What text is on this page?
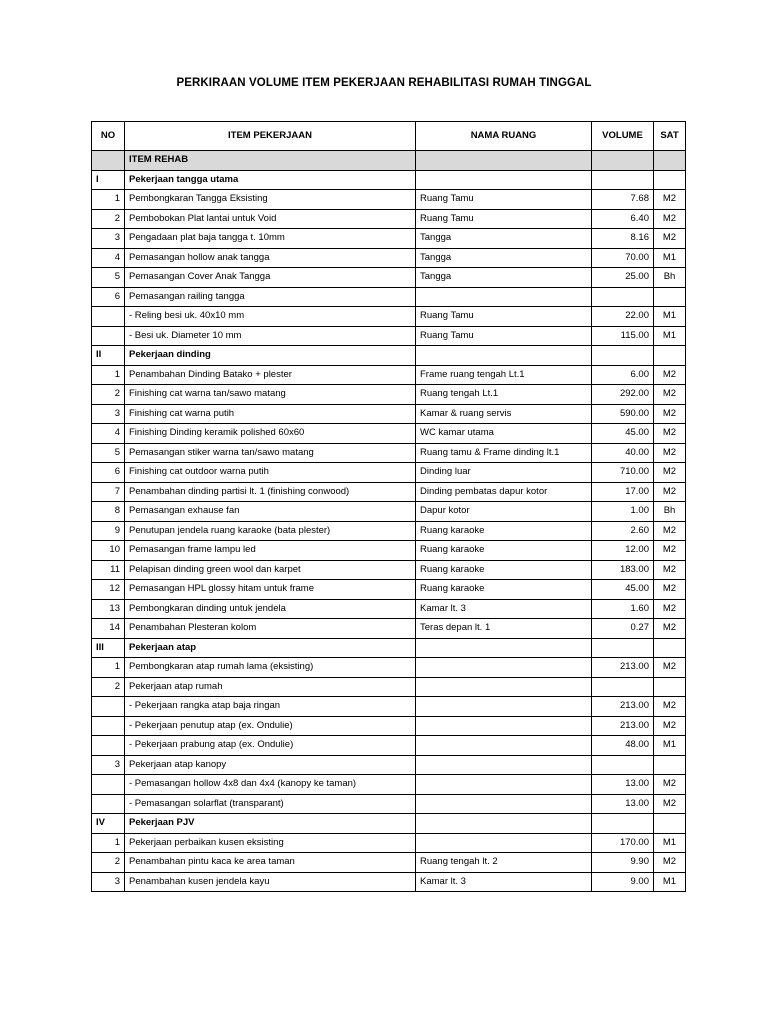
PERKIRAAN VOLUME ITEM PEKERJAAN REHABILITASI RUMAH TINGGAL
NO	ITEM PEKERJAAN	NAMA RUANG	VOLUME	SAT
	ITEM REHAB			
I	Pekerjaan tangga utama			
1	Pembongkaran Tangga Eksisting	Ruang Tamu	7.68	M2
2	Pembobokan Plat lantai untuk Void	Ruang Tamu	6.40	M2
3	Pengadaan plat baja tangga t. 10mm	Tangga	8.16	M2
4	Pemasangan hollow anak tangga	Tangga	70.00	M1
5	Pemasangan Cover Anak Tangga	Tangga	25.00	Bh
6	Pemasangan railing tangga			
	- Reling besi uk. 40x10 mm	Ruang Tamu	22.00	M1
	- Besi uk. Diameter 10 mm	Ruang Tamu	115.00	M1
II	Pekerjaan dinding			
1	Penambahan Dinding Batako + plester	Frame ruang tengah Lt.1	6.00	M2
2	Finishing cat warna tan/sawo matang	Ruang tengah Lt.1	292.00	M2
3	Finishing cat warna putih	Kamar & ruang servis	590.00	M2
4	Finishing Dinding keramik polished 60x60	WC kamar utama	45.00	M2
5	Pemasangan stiker warna tan/sawo matang	Ruang tamu & Frame dinding lt.1	40.00	M2
6	Finishing cat outdoor warna putih	Dinding luar	710.00	M2
7	Penambahan dinding partisi lt. 1 (finishing conwood)	Dinding pembatas dapur kotor	17.00	M2
8	Pemasangan exhause fan	Dapur kotor	1.00	Bh
9	Penutupan jendela ruang karaoke (bata plester)	Ruang karaoke	2.60	M2
10	Pemasangan frame lampu led	Ruang karaoke	12.00	M2
11	Pelapisan dinding green wool dan karpet	Ruang karaoke	183.00	M2
12	Pemasangan HPL glossy hitam untuk frame	Ruang karaoke	45.00	M2
13	Pembongkaran dinding untuk jendela	Kamar lt. 3	1.60	M2
14	Penambahan Plesteran kolom	Teras depan lt. 1	0.27	M2
III	Pekerjaan atap			
1	Pembongkaran atap rumah lama (eksisting)		213.00	M2
2	Pekerjaan atap rumah			
	- Pekerjaan rangka atap baja ringan		213.00	M2
	- Pekerjaan penutup atap (ex. Ondulie)		213.00	M2
	- Pekerjaan prabung atap (ex. Ondulie)		48.00	M1
3	Pekerjaan atap kanopy			
	- Pemasangan hollow 4x8 dan 4x4 (kanopy ke taman)		13.00	M2
	- Pemasangan solarflat (transparant)		13.00	M2
IV	Pekerjaan PJV			
1	Pekerjaan perbaikan kusen eksisting		170.00	M1
2	Penambahan pintu kaca ke area taman	Ruang tengah lt. 2	9.90	M2
3	Penambahan kusen jendela kayu	Kamar lt. 3	9.00	M1
